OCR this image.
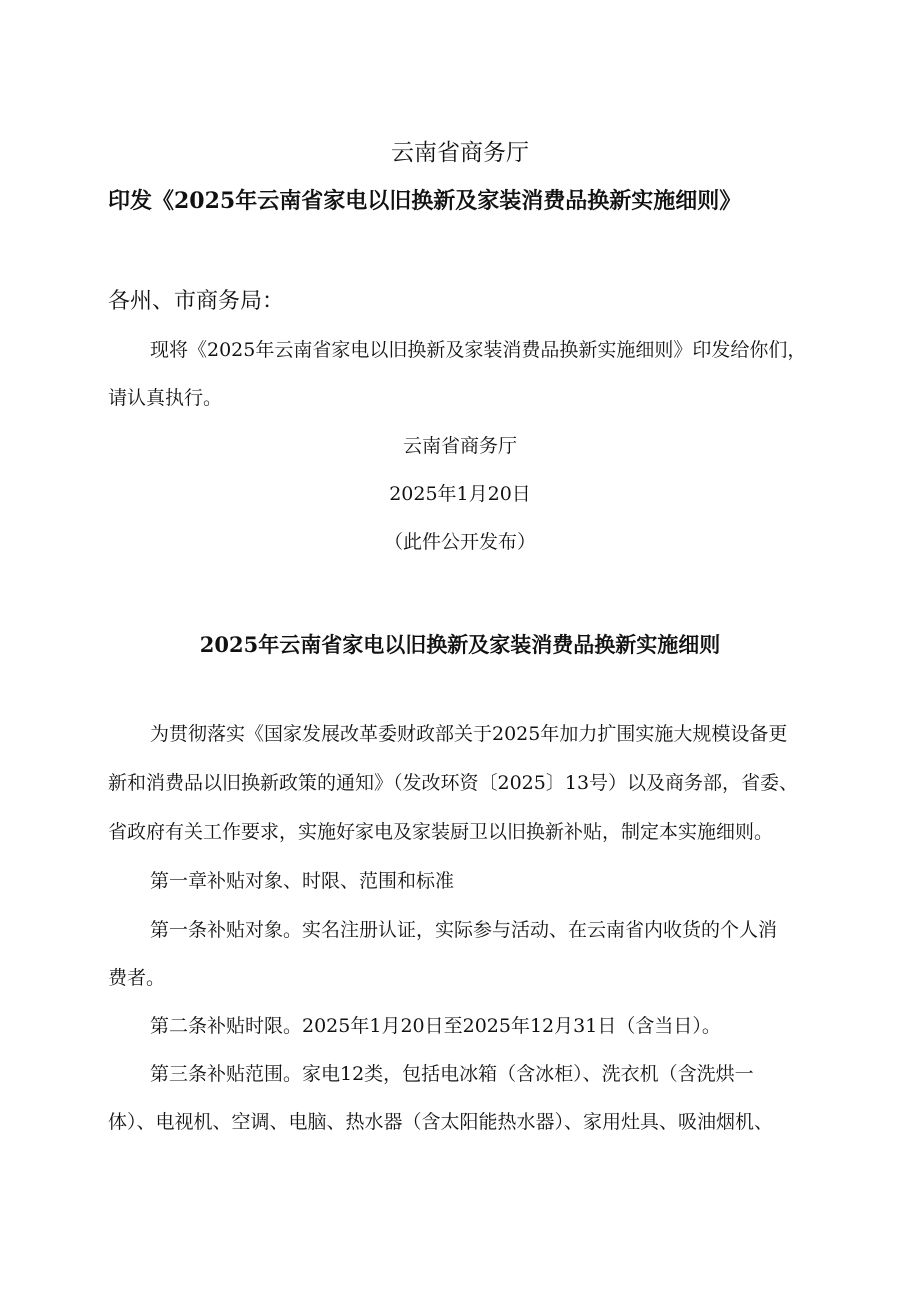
云南省商务厅
印发《2025年云南省家电以旧换新及家装消费品换新实施细则》
各州、市商务局：
现将《2025年云南省家电以旧换新及家装消费品换新实施细则》印发给你们，
请认真执行。
云南省商务厅
2025年1月20日
（此件公开发布）
2025年云南省家电以旧换新及家装消费品换新实施细则
为贯彻落实《国家发展改革委财政部关于2025年加力扩围实施大规模设备更
新和消费品以旧换新政策的通知》（发改环资〔2025〕13号）以及商务部，省委、
省政府有关工作要求，实施好家电及家装厨卫以旧换新补贴，制定本实施细则。
第一章补贴对象、时限、范围和标准
第一条补贴对象。实名注册认证，实际参与活动、在云南省内收货的个人消
费者。
第二条补贴时限。2025年1月20日至2025年12月31日（含当日）。
第三条补贴范围。家电12类，包括电冰箱（含冰柜）、洗衣机（含洗烘一
体）、电视机、空调、电脑、热水器（含太阳能热水器）、家用灶具、吸油烟机、
